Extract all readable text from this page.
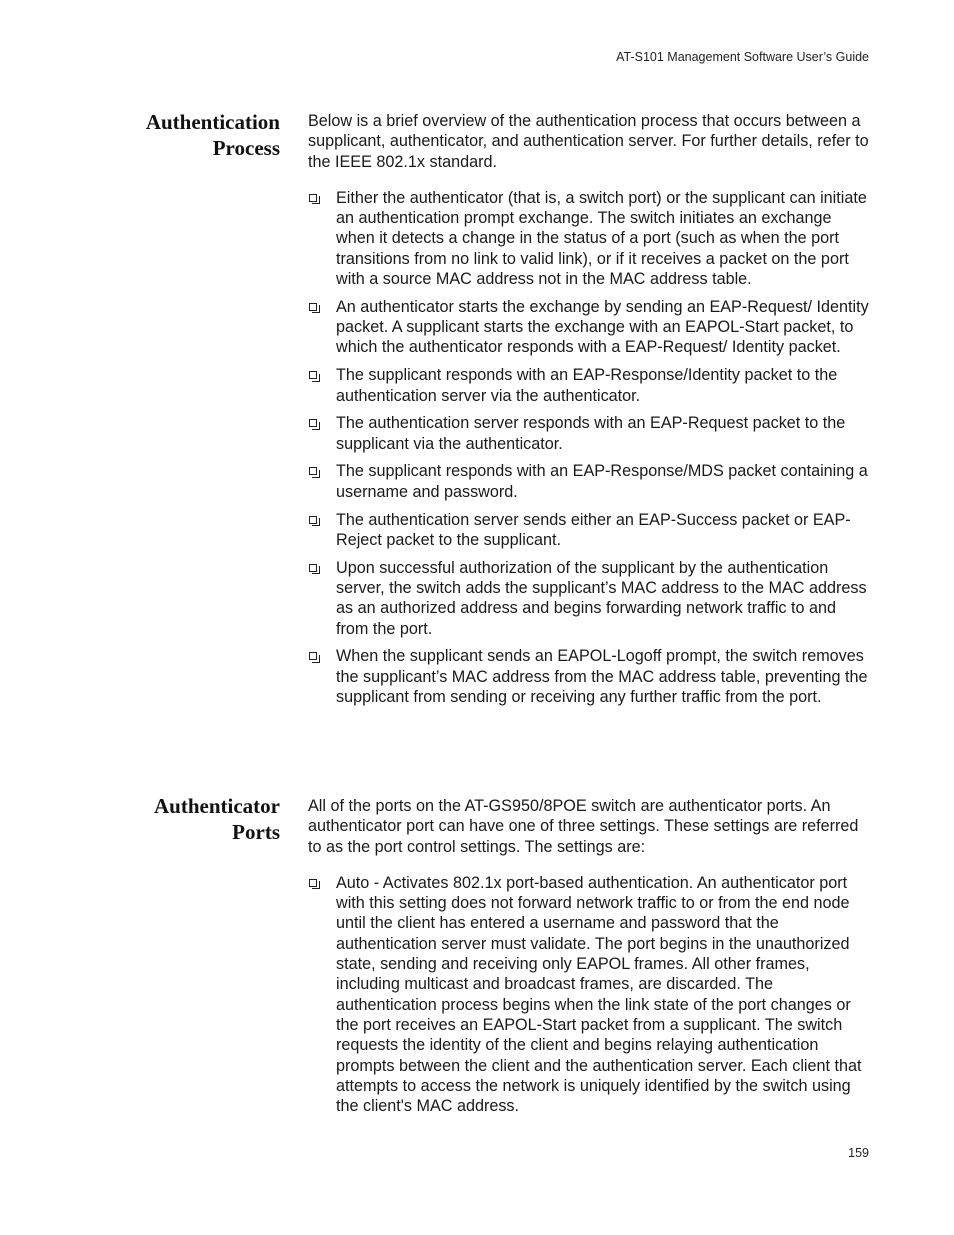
AT-S101 Management Software User’s Guide
Authentication
Process

Below is a brief overview of the authentication process that occurs between a supplicant, authenticator, and authentication server. For further details, refer to the IEEE 802.1x standard.

Either the authenticator (that is, a switch port) or the supplicant can initiate an authentication prompt exchange. The switch initiates an exchange when it detects a change in the status of a port (such as when the port transitions from no link to valid link), or if it receives a packet on the port with a source MAC address not in the MAC address table.
An authenticator starts the exchange by sending an EAP-Request/ Identity packet. A supplicant starts the exchange with an EAPOL-Start packet, to which the authenticator responds with a EAP-Request/ Identity packet.
The supplicant responds with an EAP-Response/Identity packet to the authentication server via the authenticator.
The authentication server responds with an EAP-Request packet to the supplicant via the authenticator.
The supplicant responds with an EAP-Response/MDS packet containing a username and password.
The authentication server sends either an EAP-Success packet or EAP-Reject packet to the supplicant.
Upon successful authorization of the supplicant by the authentication server, the switch adds the supplicant’s MAC address to the MAC address as an authorized address and begins forwarding network traffic to and from the port.
When the supplicant sends an EAPOL-Logoff prompt, the switch removes the supplicant’s MAC address from the MAC address table, preventing the supplicant from sending or receiving any further traffic from the port.
Authenticator
Ports

All of the ports on the AT-GS950/8POE switch are authenticator ports. An authenticator port can have one of three settings. These settings are referred to as the port control settings. The settings are:

Auto - Activates 802.1x port-based authentication. An authenticator port with this setting does not forward network traffic to or from the end node until the client has entered a username and password that the authentication server must validate. The port begins in the unauthorized state, sending and receiving only EAPOL frames. All other frames, including multicast and broadcast frames, are discarded. The authentication process begins when the link state of the port changes or the port receives an EAPOL-Start packet from a supplicant. The switch requests the identity of the client and begins relaying authentication prompts between the client and the authentication server. Each client that attempts to access the network is uniquely identified by the switch using the client's MAC address.
159
